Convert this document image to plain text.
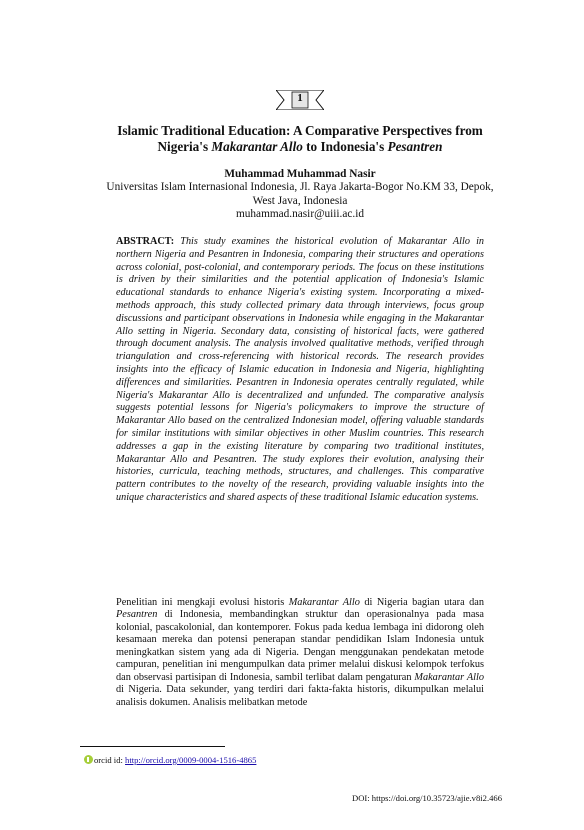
1
Islamic Traditional Education: A Comparative Perspectives from
Nigeria's Makarantar Allo to Indonesia's Pesantren
Muhammad Muhammad Nasir
Universitas Islam Internasional Indonesia, Jl. Raya Jakarta-Bogor No.KM 33, Depok,
West Java, Indonesia
muhammad.nasir@uiii.ac.id
ABSTRACT: This study examines the historical evolution of Makarantar Allo in northern Nigeria and Pesantren in Indonesia, comparing their structures and operations across colonial, post-colonial, and contemporary periods. The focus on these institutions is driven by their similarities and the potential application of Indonesia's Islamic educational standards to enhance Nigeria's existing system. Incorporating a mixed-methods approach, this study collected primary data through interviews, focus group discussions and participant observations in Indonesia while engaging in the Makarantar Allo setting in Nigeria. Secondary data, consisting of historical facts, were gathered through document analysis. The analysis involved qualitative methods, verified through triangulation and cross-referencing with historical records. The research provides insights into the efficacy of Islamic education in Indonesia and Nigeria, highlighting differences and similarities. Pesantren in Indonesia operates centrally regulated, while Nigeria's Makarantar Allo is decentralized and unfunded. The comparative analysis suggests potential lessons for Nigeria's policymakers to improve the structure of Makarantar Allo based on the centralized Indonesian model, offering valuable standards for similar institutions with similar objectives in other Muslim countries. This research addresses a gap in the existing literature by comparing two traditional institutes, Makarantar Allo and Pesantren. The study explores their evolution, analysing their histories, curricula, teaching methods, structures, and challenges. This comparative pattern contributes to the novelty of the research, providing valuable insights into the unique characteristics and shared aspects of these traditional Islamic education systems.

Penelitian ini mengkaji evolusi historis Makarantar Allo di Nigeria bagian utara dan Pesantren di Indonesia, membandingkan struktur dan operasionalnya pada masa kolonial, pascakolonial, dan kontemporer. Fokus pada kedua lembaga ini didorong oleh kesamaan mereka dan potensi penerapan standar pendidikan Islam Indonesia untuk meningkatkan sistem yang ada di Nigeria. Dengan menggunakan pendekatan metode campuran, penelitian ini mengumpulkan data primer melalui diskusi kelompok terfokus dan observasi partisipan di Indonesia, sambil terlibat dalam pengaturan Makarantar Allo di Nigeria. Data sekunder, yang terdiri dari fakta-fakta historis, dikumpulkan melalui analisis dokumen. Analisis melibatkan metode

orcid id: http://orcid.org/0009-0004-1516-4865
DOI: https://doi.org/10.35723/ajie.v8i2.466
